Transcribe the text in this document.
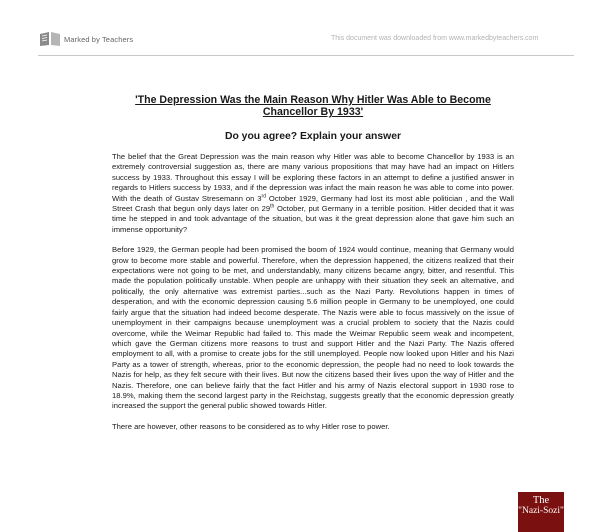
Marked by Teachers	This document was downloaded from www.markedbyteachers.com

'The Depression Was the Main Reason Why Hitler Was Able to Become Chancellor By 1933'

Do you agree? Explain your answer

The belief that the Great Depression was the main reason why Hitler was able to become Chancellor by 1933 is an extremely controversial suggestion as, there are many various propositions that may have had an impact on Hitlers success by 1933. Throughout this essay I will be exploring these factors in an attempt to define a justified answer in regards to Hitlers success by 1933, and if the depression was infact the main reason he was able to come into power. With the death of Gustav Stresemann on 3rd October 1929, Germany had lost its most able politician , and the Wall Street Crash that begun only days later on 29th October, put Germany in a terrible position. Hitler decided that it was time he stepped in and took advantage of the situation, but was it the great depression alone that gave him such an immense opportunity?

Before 1929, the German people had been promised the boom of 1924 would continue, meaning that Germany would grow to become more stable and powerful. Therefore, when the depression happened, the citizens realized that their expectations were not going to be met, and understandably, many citizens became angry, bitter, and resentful. This made the population politically unstable. When people are unhappy with their situation they seek an alternative, and politically, the only alternative was extremist parties...such as the Nazi Party. Revolutions happen in times of desperation, and with the economic depression causing 5.6 million people in Germany to be unemployed, one could fairly argue that the situation had indeed become desperate. The Nazis were able to focus massively on the issue of unemployment in their campaigns because unemployment was a crucial problem to society that the Nazis could overcome, while the Weimar Republic had failed to. This made the Weimar Republic seem weak and incompetent, which gave the German citizens more reasons to trust and support Hitler and the Nazi Party. The Nazis offered employment to all, with a promise to create jobs for the still unemployed. People now looked upon Hitler and his Nazi Party as a tower of strength, whereas, prior to the economic depression, the people had no need to look towards the Nazis for help, as they felt secure with their lives. But now the citizens based their lives upon the way of Hitler and the Nazis. Therefore, one can believe fairly that the fact Hitler and his army of Nazis electoral support in 1930 rose to 18.9%, making them the second largest party in the Reichstag, suggests greatly that the economic depression greatly increased the support the general public showed towards Hitler.

There are however, other reasons to be considered as to why Hitler rose to power.

The
"Nazi-Sozi"
